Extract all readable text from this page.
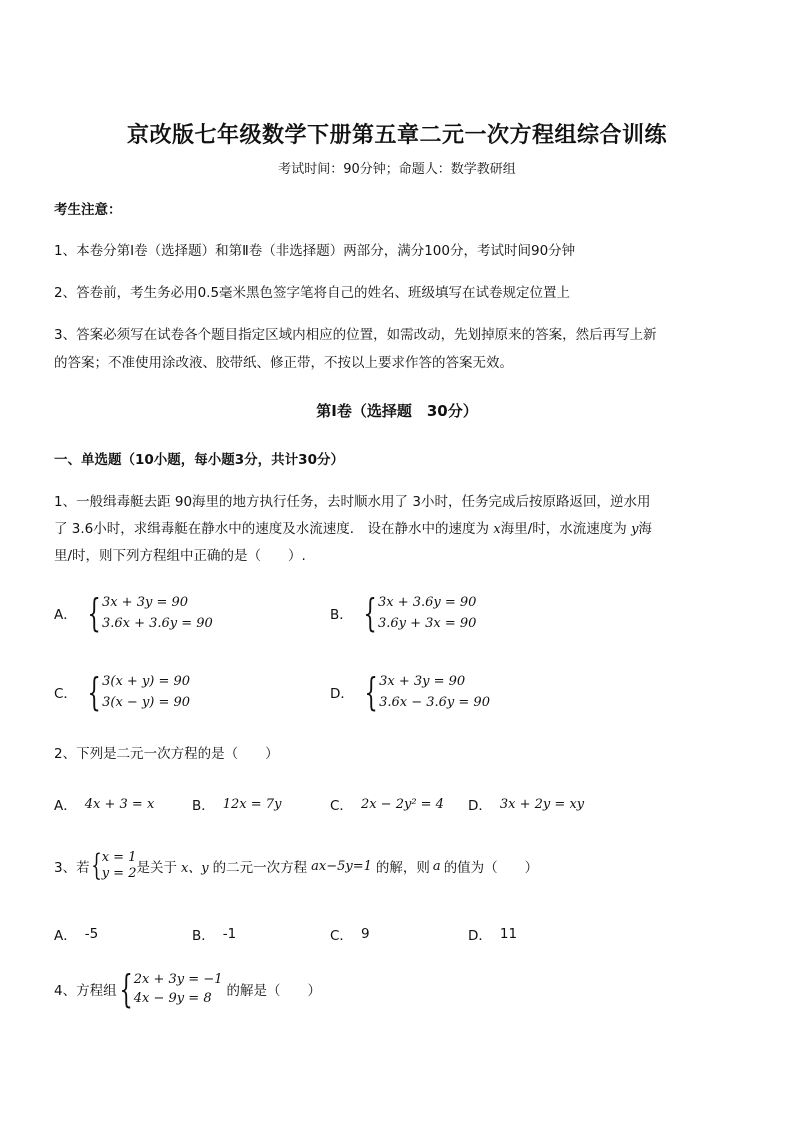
京改版七年级数学下册第五章二元一次方程组综合训练
考试时间：90分钟；命题人：数学教研组
考生注意：
1、本卷分第Ⅰ卷（选择题）和第Ⅱ卷（非选择题）两部分，满分100分，考试时间90分钟
2、答卷前，考生务必用0.5毫米黑色签字笔将自己的姓名、班级填写在试卷规定位置上
3、答案必须写在试卷各个题目指定区域内相应的位置，如需改动，先划掉原来的答案，然后再写上新
的答案；不准使用涂改液、胶带纸、修正带，不按以上要求作答的答案无效。
第Ⅰ卷（选择题　30分）
一、单选题（10小题，每小题3分，共计30分）
1、一般缉毒艇去距 90海里的地方执行任务，去时顺水用了 3小时，任务完成后按原路返回，逆水用
了 3.6小时，求缉毒艇在静水中的速度及水流速度． 设在静水中的速度为 x海里/时，水流速度为 y海
里/时，则下列方程组中正确的是（　　）.
A． { 3x + 3y = 90
3.6x + 3.6y = 90
B． { 3x + 3.6y = 90
3.6y + 3x = 90
C． { 3(x + y) = 90
3(x − y) = 90
D． { 3x + 3y = 90
3.6x − 3.6y = 90
2、下列是二元一次方程的是（　　）
A． 4x + 3 = x	B． 12x = 7y	C． 2x − 2y² = 4 D． 3x + 2y = xy
3、若 { x = 1
y = 2 是关于 x、y 的二元一次方程 ax−5y=1 的解，则 a 的值为（　　）
A． -5	B． -1	C． 9	D． 11
4、方程组 { 2x + 3y = −1
4x − 9y = 8	的解是（　　）
